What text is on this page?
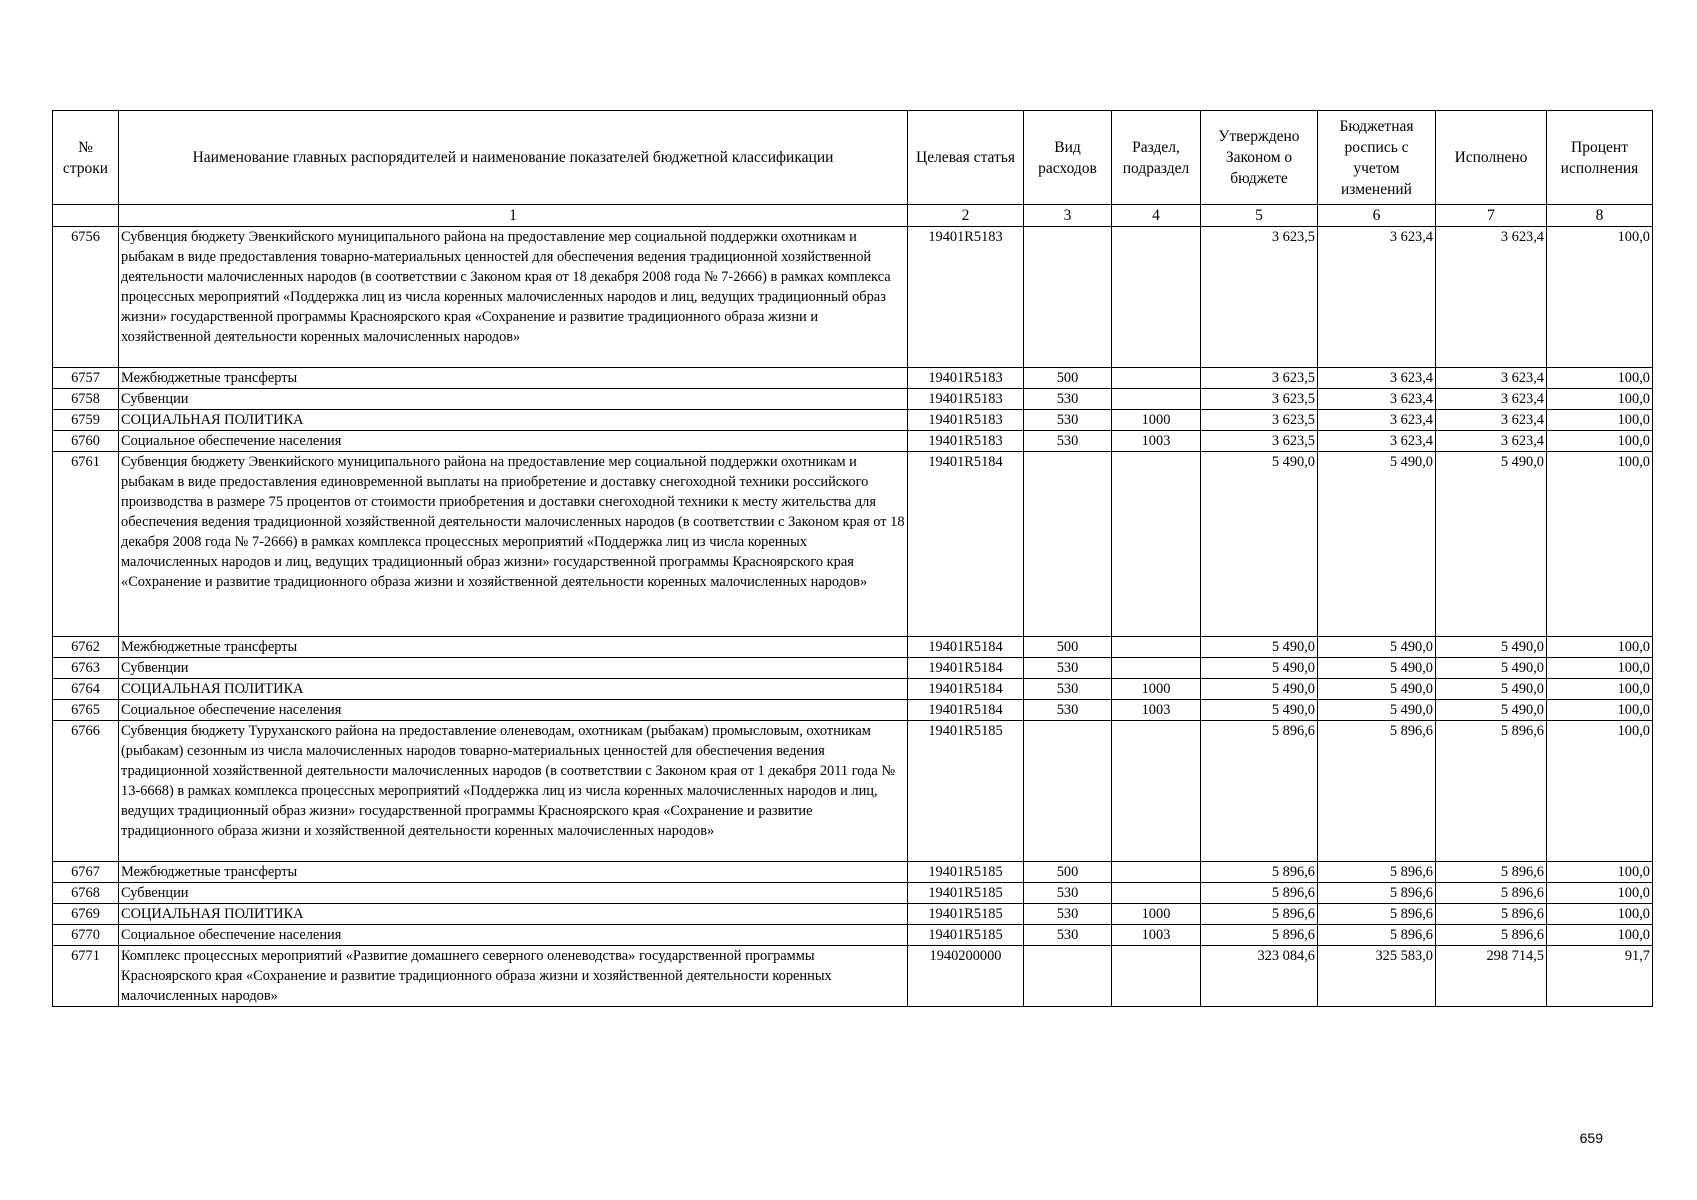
№ строки	Наименование главных распорядителей и наименование показателей бюджетной классификации	Целевая статья	Вид расходов	Раздел, подраздел	Утверждено Законом о бюджете	Бюджетная роспись с учетом изменений	Исполнено	Процент исполнения
	1	2	3	4	5	6	7	8
6756	Субвенция бюджету Эвенкийского муниципального района на предоставление мер социальной поддержки охотникам и рыбакам в виде предоставления товарно-материальных ценностей для обеспечения ведения традиционной хозяйственной деятельности малочисленных народов (в соответствии с Законом края от 18 декабря 2008 года № 7-2666) в рамках комплекса процессных мероприятий «Поддержка лиц из числа коренных малочисленных народов и лиц, ведущих традиционный образ жизни» государственной программы Красноярского края «Сохранение и развитие традиционного образа жизни и хозяйственной деятельности коренных малочисленных народов»	19401R5183			3 623,5	3 623,4	3 623,4	100,0
6757	Межбюджетные трансферты	19401R5183	500		3 623,5	3 623,4	3 623,4	100,0
6758	Субвенции	19401R5183	530		3 623,5	3 623,4	3 623,4	100,0
6759	СОЦИАЛЬНАЯ ПОЛИТИКА	19401R5183	530	1000	3 623,5	3 623,4	3 623,4	100,0
6760	Социальное обеспечение населения	19401R5183	530	1003	3 623,5	3 623,4	3 623,4	100,0
6761	Субвенция бюджету Эвенкийского муниципального района на предоставление мер социальной поддержки охотникам и рыбакам в виде предоставления единовременной выплаты на приобретение и доставку снегоходной техники российского производства в размере 75 процентов от стоимости приобретения и доставки снегоходной техники к месту жительства для обеспечения ведения традиционной хозяйственной деятельности малочисленных народов (в соответствии с Законом края от 18 декабря 2008 года № 7-2666) в рамках комплекса процессных мероприятий «Поддержка лиц из числа коренных малочисленных народов и лиц, ведущих традиционный образ жизни» государственной программы Красноярского края «Сохранение и развитие традиционного образа жизни и хозяйственной деятельности коренных малочисленных народов»	19401R5184			5 490,0	5 490,0	5 490,0	100,0
6762	Межбюджетные трансферты	19401R5184	500		5 490,0	5 490,0	5 490,0	100,0
6763	Субвенции	19401R5184	530		5 490,0	5 490,0	5 490,0	100,0
6764	СОЦИАЛЬНАЯ ПОЛИТИКА	19401R5184	530	1000	5 490,0	5 490,0	5 490,0	100,0
6765	Социальное обеспечение населения	19401R5184	530	1003	5 490,0	5 490,0	5 490,0	100,0
6766	Субвенция бюджету Туруханского района на предоставление оленеводам, охотникам (рыбакам) промысловым, охотникам (рыбакам) сезонным из числа малочисленных народов товарно-материальных ценностей для обеспечения ведения традиционной хозяйственной деятельности малочисленных народов (в соответствии с Законом края от 1 декабря 2011 года № 13-6668) в рамках комплекса процессных мероприятий «Поддержка лиц из числа коренных малочисленных народов и лиц, ведущих традиционный образ жизни» государственной программы Красноярского края «Сохранение и развитие традиционного образа жизни и хозяйственной деятельности коренных малочисленных народов»	19401R5185			5 896,6	5 896,6	5 896,6	100,0
6767	Межбюджетные трансферты	19401R5185	500		5 896,6	5 896,6	5 896,6	100,0
6768	Субвенции	19401R5185	530		5 896,6	5 896,6	5 896,6	100,0
6769	СОЦИАЛЬНАЯ ПОЛИТИКА	19401R5185	530	1000	5 896,6	5 896,6	5 896,6	100,0
6770	Социальное обеспечение населения	19401R5185	530	1003	5 896,6	5 896,6	5 896,6	100,0
6771	Комплекс процессных мероприятий «Развитие домашнего северного оленеводства» государственной программы Красноярского края «Сохранение и развитие традиционного образа жизни и хозяйственной деятельности коренных малочисленных народов»	1940200000			323 084,6	325 583,0	298 714,5	91,7
659
